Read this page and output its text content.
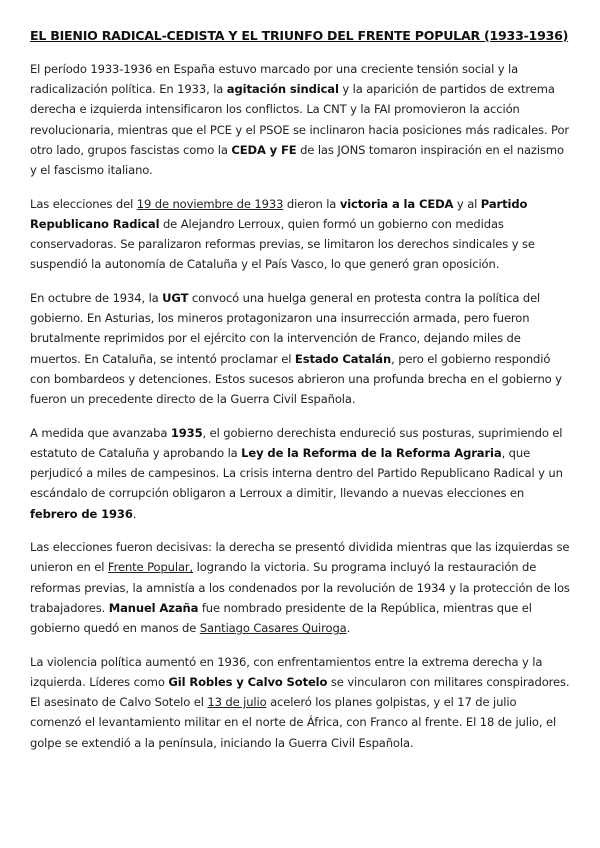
EL BIENIO RADICAL-CEDISTA Y EL TRIUNFO DEL FRENTE POPULAR (1933-1936)

El período 1933-1936 en España estuvo marcado por una creciente tensión social y la radicalización política. En 1933, la agitación sindical y la aparición de partidos de extrema derecha e izquierda intensificaron los conflictos. La CNT y la FAI promovieron la acción revolucionaria, mientras que el PCE y el PSOE se inclinaron hacia posiciones más radicales. Por otro lado, grupos fascistas como la CEDA y FE de las JONS tomaron inspiración en el nazismo y el fascismo italiano.

Las elecciones del 19 de noviembre de 1933 dieron la victoria a la CEDA y al Partido Republicano Radical de Alejandro Lerroux, quien formó un gobierno con medidas conservadoras. Se paralizaron reformas previas, se limitaron los derechos sindicales y se suspendió la autonomía de Cataluña y el País Vasco, lo que generó gran oposición.

En octubre de 1934, la UGT convocó una huelga general en protesta contra la política del gobierno. En Asturias, los mineros protagonizaron una insurrección armada, pero fueron brutalmente reprimidos por el ejército con la intervención de Franco, dejando miles de muertos. En Cataluña, se intentó proclamar el Estado Catalán, pero el gobierno respondió con bombardeos y detenciones. Estos sucesos abrieron una profunda brecha en el gobierno y fueron un precedente directo de la Guerra Civil Española.

A medida que avanzaba 1935, el gobierno derechista endureció sus posturas, suprimiendo el estatuto de Cataluña y aprobando la Ley de la Reforma de la Reforma Agraria, que perjudicó a miles de campesinos. La crisis interna dentro del Partido Republicano Radical y un escándalo de corrupción obligaron a Lerroux a dimitir, llevando a nuevas elecciones en febrero de 1936.

Las elecciones fueron decisivas: la derecha se presentó dividida mientras que las izquierdas se unieron en el Frente Popular, logrando la victoria. Su programa incluyó la restauración de reformas previas, la amnistía a los condenados por la revolución de 1934 y la protección de los trabajadores. Manuel Azaña fue nombrado presidente de la República, mientras que el gobierno quedó en manos de Santiago Casares Quiroga.

La violencia política aumentó en 1936, con enfrentamientos entre la extrema derecha y la izquierda. Líderes como Gil Robles y Calvo Sotelo se vincularon con militares conspiradores. El asesinato de Calvo Sotelo el 13 de julio aceleró los planes golpistas, y el 17 de julio comenzó el levantamiento militar en el norte de África, con Franco al frente. El 18 de julio, el golpe se extendió a la península, iniciando la Guerra Civil Española.
